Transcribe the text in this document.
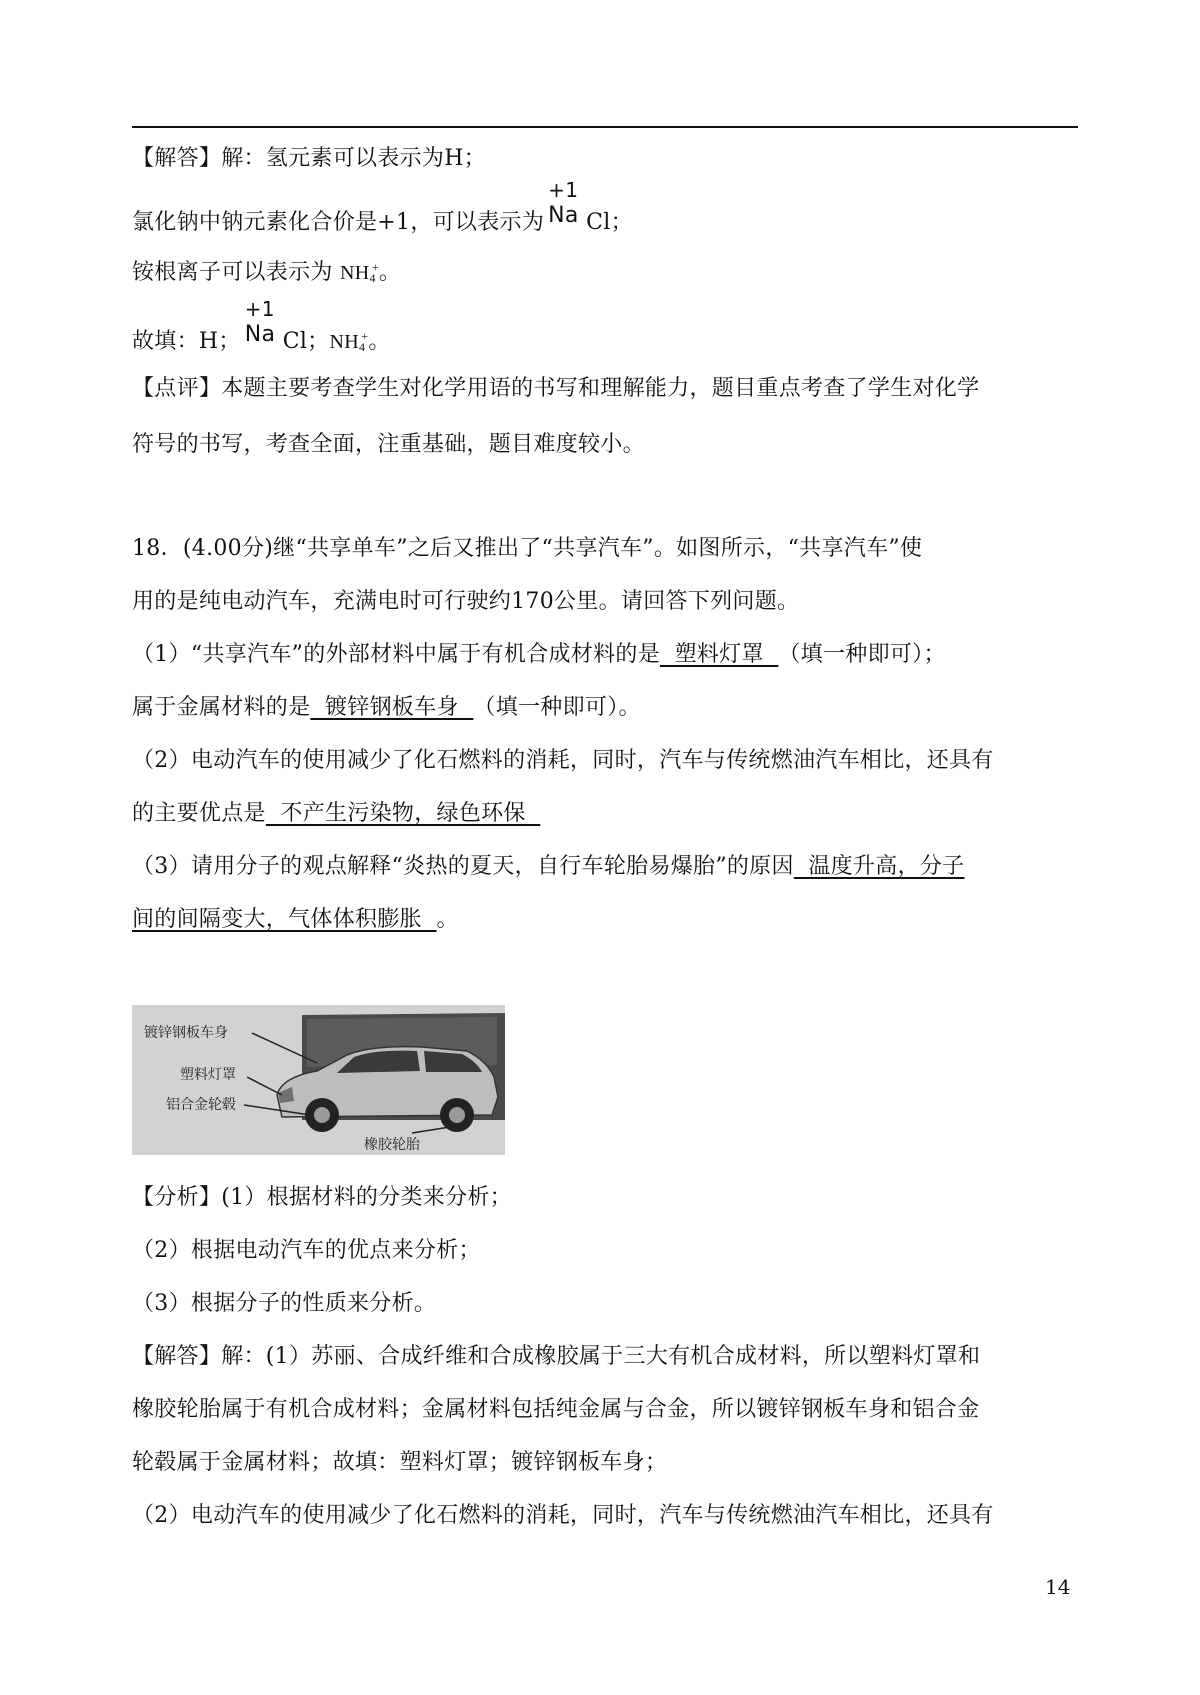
【解答】解：氢元素可以表示为H；
氯化钠中钠元素化合价是+1，可以表示为
+1
Na Cl；
铵根离子可以表示为 $NH_4^+$。
故填：H；
+1
Na Cl；$NH_4^+$。
【点评】本题主要考查学生对化学用语的书写和理解能力，题目重点考查了学生对化学
符号的书写，考查全面，注重基础，题目难度较小。
18．(4.00分)继“共享单车”之后又推出了“共享汽车”。如图所示，“共享汽车”使
用的是纯电动汽车，充满电时可行驶约170公里。请回答下列问题。
（1）“共享汽车”的外部材料中属于有机合成材料的是  塑料灯罩  （填一种即可）；
属于金属材料的是  镀锌钢板车身  （填一种即可）。
（2）电动汽车的使用减少了化石燃料的消耗，同时，汽车与传统燃油汽车相比，还具有
的主要优点是  不产生污染物，绿色环保
（3）请用分子的观点解释“炎热的夏天，自行车轮胎易爆胎”的原因  温度升高，分子
间的间隔变大，气体体积膨胀  。
镀锌钢板车身
塑料灯罩
铝合金轮毂
橡胶轮胎
【分析】(1）根据材料的分类来分析；
（2）根据电动汽车的优点来分析；
（3）根据分子的性质来分析。
【解答】解：(1）苏丽、合成纤维和合成橡胶属于三大有机合成材料，所以塑料灯罩和
橡胶轮胎属于有机合成材料；金属材料包括纯金属与合金，所以镀锌钢板车身和铝合金
轮毂属于金属材料；故填：塑料灯罩；镀锌钢板车身；
（2）电动汽车的使用减少了化石燃料的消耗，同时，汽车与传统燃油汽车相比，还具有
14
